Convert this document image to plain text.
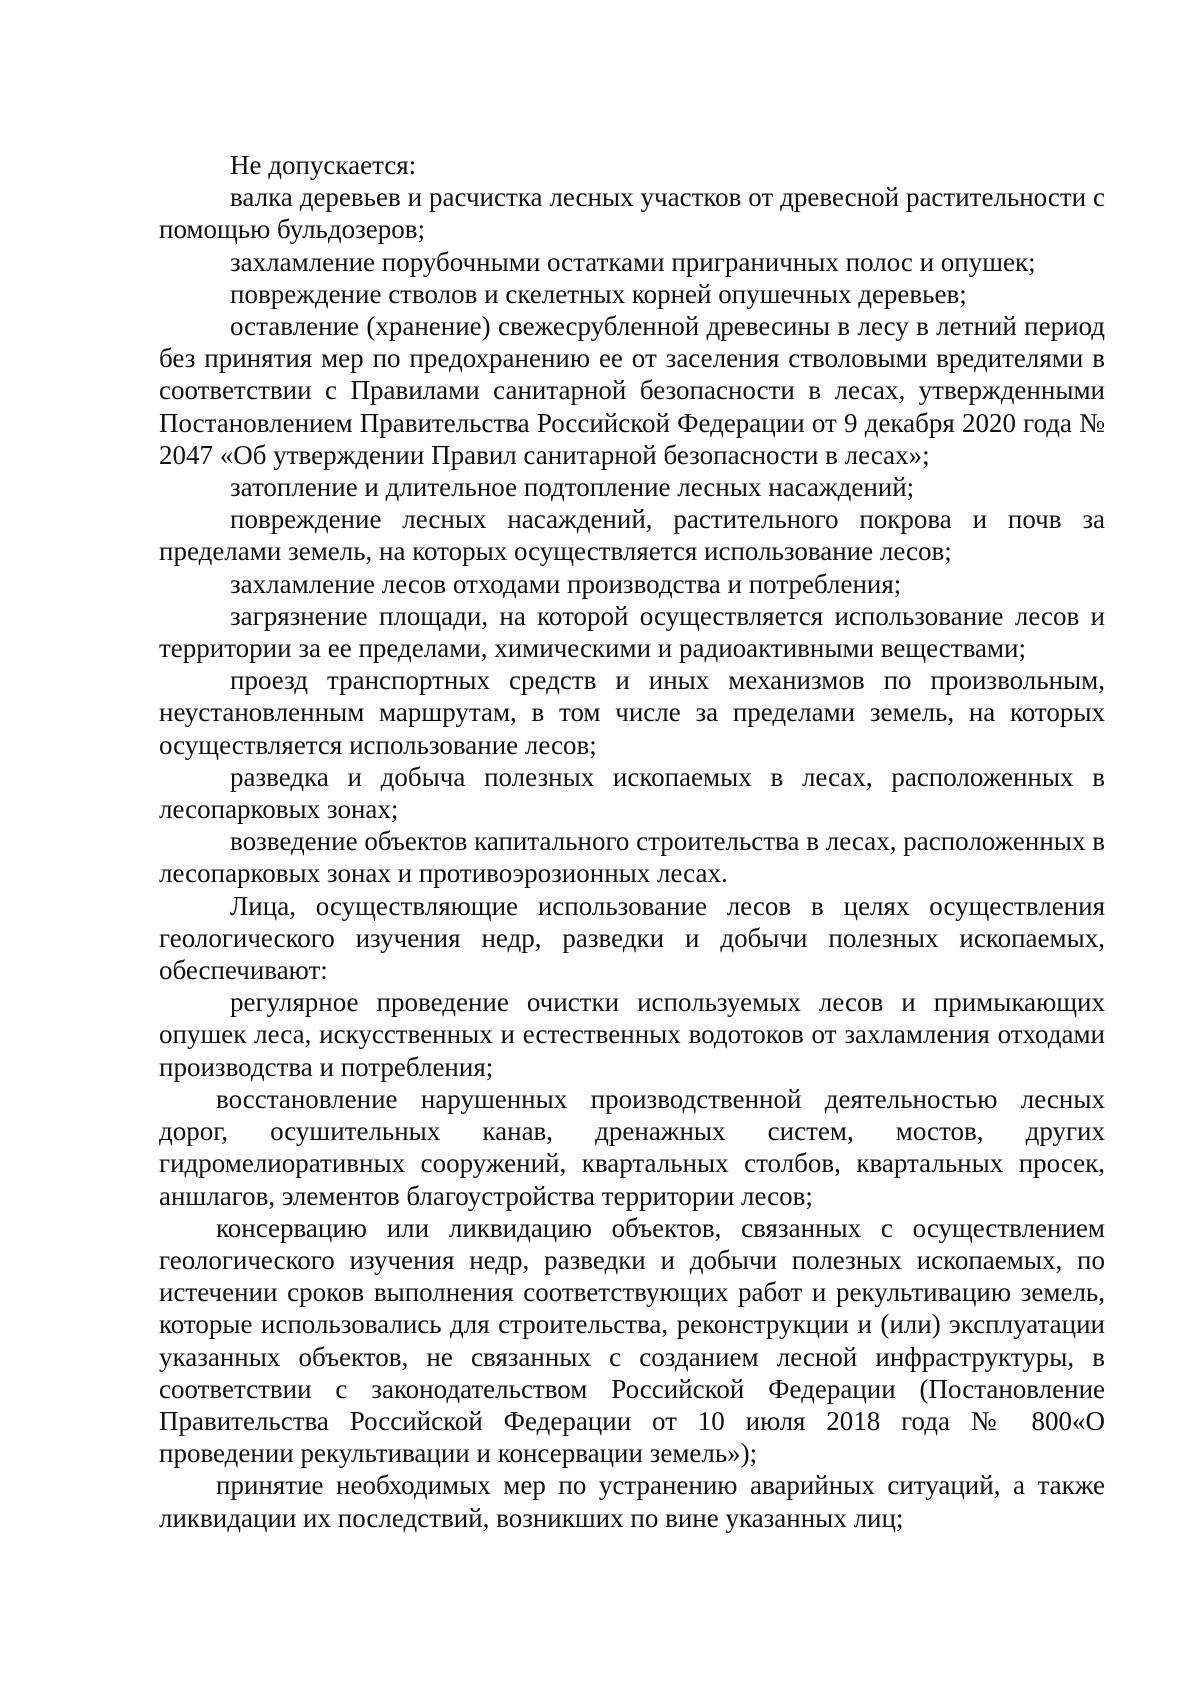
Не допускается:

валка деревьев и расчистка лесных участков от древесной растительности с помощью бульдозеров;

захламление порубочными остатками приграничных полос и опушек;

повреждение стволов и скелетных корней опушечных деревьев;

оставление (хранение) свежесрубленной древесины в лесу в летний период без принятия мер по предохранению ее от заселения стволовыми вредителями в соответствии с Правилами санитарной безопасности в лесах, утвержденными Постановлением Правительства Российской Федерации от 9 декабря 2020 года № 2047 «Об утверждении Правил санитарной безопасности в лесах»;

затопление и длительное подтопление лесных насаждений;

повреждение лесных насаждений, растительного покрова и почв за пределами земель, на которых осуществляется использование лесов;

захламление лесов отходами производства и потребления;

загрязнение площади, на которой осуществляется использование лесов и территории за ее пределами, химическими и радиоактивными веществами;

проезд транспортных средств и иных механизмов по произвольным, неустановленным маршрутам, в том числе за пределами земель, на которых осуществляется использование лесов;

разведка и добыча полезных ископаемых в лесах, расположенных в лесопарковых зонах;

возведение объектов капитального строительства в лесах, расположенных в лесопарковых зонах и противоэрозионных лесах.

Лица, осуществляющие использование лесов в целях осуществления геологического изучения недр, разведки и добычи полезных ископаемых, обеспечивают:

регулярное проведение очистки используемых лесов и примыкающих опушек леса, искусственных и естественных водотоков от захламления отходами производства и потребления;

восстановление нарушенных производственной деятельностью лесных дорог, осушительных канав, дренажных систем, мостов, других гидромелиоративных сооружений, квартальных столбов, квартальных просек, аншлагов, элементов благоустройства территории лесов;

консервацию или ликвидацию объектов, связанных с осуществлением геологического изучения недр, разведки и добычи полезных ископаемых, по истечении сроков выполнения соответствующих работ и рекультивацию земель, которые использовались для строительства, реконструкции и (или) эксплуатации указанных объектов, не связанных с созданием лесной инфраструктуры, в соответствии с законодательством Российской Федерации (Постановление Правительства Российской Федерации от 10 июля 2018 года № 800«О проведении рекультивации и консервации земель»);

принятие необходимых мер по устранению аварийных ситуаций, а также ликвидации их последствий, возникших по вине указанных лиц;
